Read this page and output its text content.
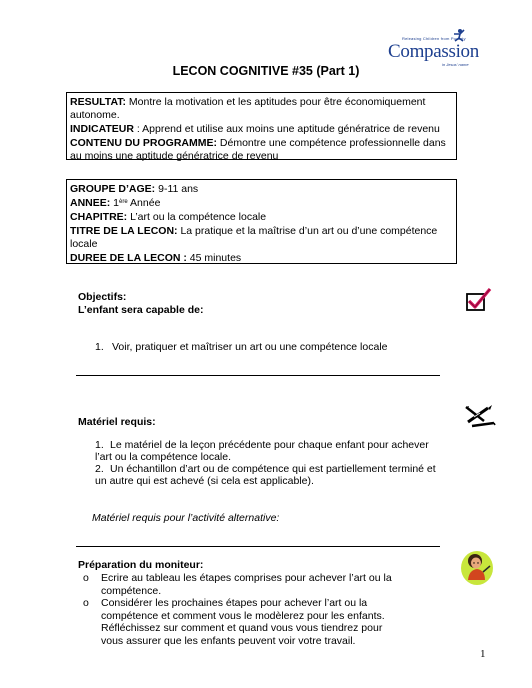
Releasing Children from Poverty
Compassion
in Jesus' name
LECON COGNITIVE #35 (Part 1)

RESULTAT: Montre la motivation et les aptitudes pour être économiquement autonome.

INDICATEUR : Apprend et utilise aux moins une aptitude génératrice de revenu

CONTENU DU PROGRAMME: Démontre une compétence professionnelle dans au moins une aptitude génératrice de revenu

GROUPE D’AGE: 9-11 ans

ANNEE: 1ère Année

CHAPITRE: L’art ou la compétence locale

TITRE DE LA LECON: La pratique et la maîtrise d’un art ou d’une compétence locale

DUREE DE LA LECON : 45 minutes

Objectifs:
L’enfant sera capable de:
1. Voir, pratiquer et maîtriser un art ou une compétence locale
Matériel requis:
1. Le matériel de la leçon précédente pour chaque enfant pour achever
l’art ou la compétence locale.
2. Un échantillon d’art ou de compétence qui est partiellement terminé et
un autre qui est achevé (si cela est applicable).
Matériel requis pour l’activité alternative:
Préparation du moniteur:
o Ecrire au tableau les étapes comprises pour achever l’art ou la compétence.
o Considérer les prochaines étapes pour achever l’art ou la compétence et comment vous le modèlerez pour les enfants. Réfléchissez sur comment et quand vous vous tiendrez pour vous assurer que les enfants peuvent voir votre travail.
1
